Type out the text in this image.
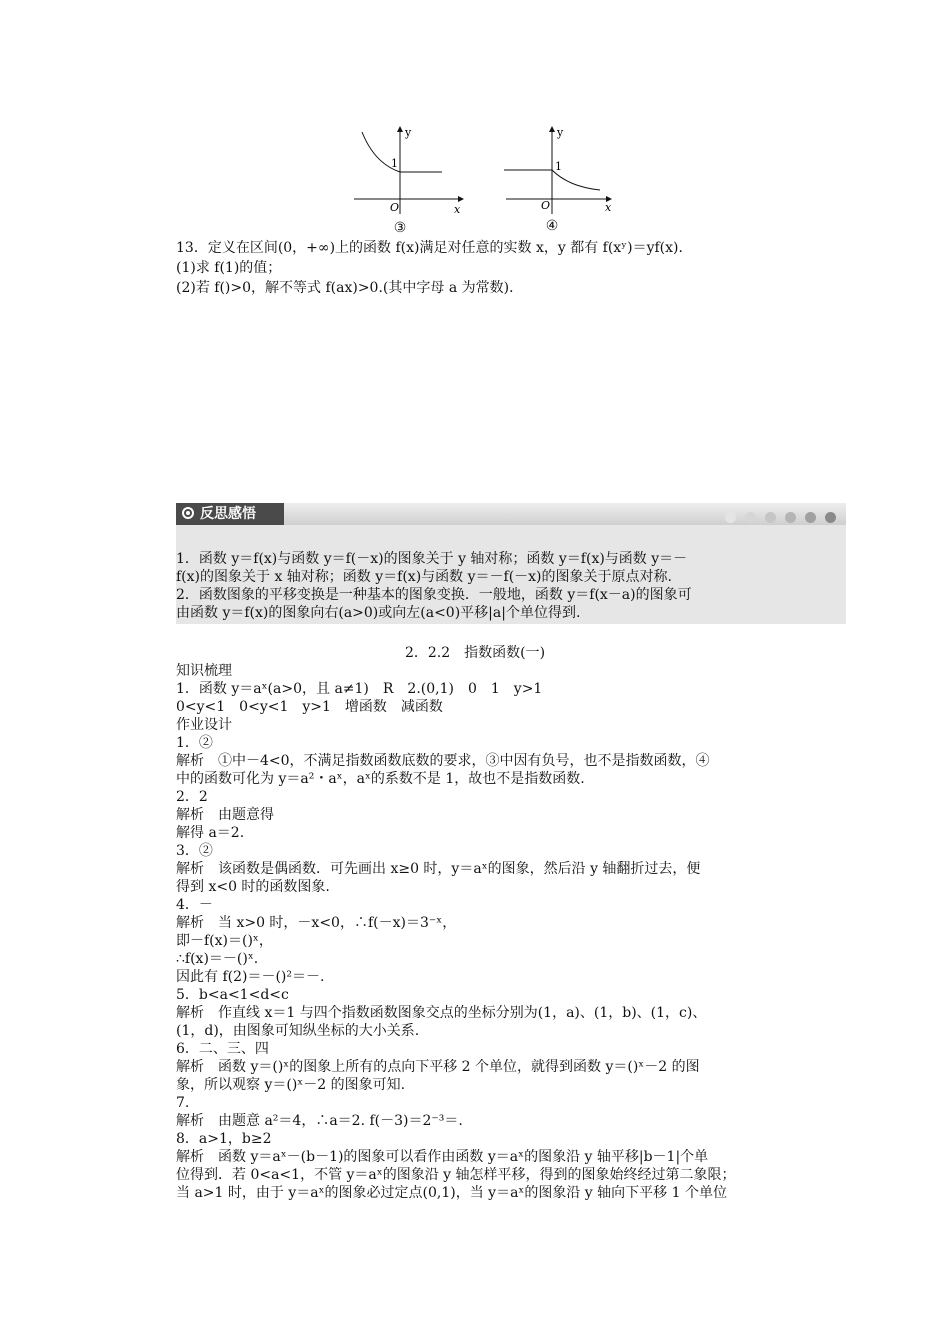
y
1
O	x
③
y
1
O	x
④
13．定义在区间(0，+∞)上的函数 f(x)满足对任意的实数 x，y 都有 f(xʸ)＝yf(x)．
(1)求 f(1)的值；
(2)若 f()>0，解不等式 f(ax)>0.(其中字母 a 为常数)．
反思感悟
1．函数 y＝f(x)与函数 y＝f(－x)的图象关于 y 轴对称；函数 y＝f(x)与函数 y＝－
f(x)的图象关于 x 轴对称；函数 y＝f(x)与函数 y＝－f(－x)的图象关于原点对称.
2．函数图象的平移变换是一种基本的图象变换．一般地，函数 y＝f(x－a)的图象可
由函数 y＝f(x)的图象向右(a>0)或向左(a<0)平移|a|个单位得到.
2．2.2　指数函数(一)
知识梳理
1．函数 y＝aˣ(a>0，且 a≠1)　R　2.(0,1)　0　1　y>1
0<y<1　0<y<1　y>1　增函数　减函数
作业设计
1．②
解析　①中－4<0，不满足指数函数底数的要求，③中因有负号，也不是指数函数，④
中的函数可化为 y＝a²・aˣ，aˣ的系数不是 1，故也不是指数函数.
2．2
解析　由题意得
解得 a＝2.
3．②
解析　该函数是偶函数．可先画出 x≥0 时，y＝aˣ的图象，然后沿 y 轴翻折过去，便
得到 x<0 时的函数图象.
4．－
解析　当 x>0 时，－x<0，∴f(－x)＝3⁻ˣ，
即－f(x)＝()ˣ，
∴f(x)＝－()ˣ.
因此有 f(2)＝－()²＝－.
5．b<a<1<d<c
解析　作直线 x＝1 与四个指数函数图象交点的坐标分别为(1，a)、(1，b)、(1，c)、
(1，d)，由图象可知纵坐标的大小关系.
6．二、三、四
解析　函数 y＝()ˣ的图象上所有的点向下平移 2 个单位，就得到函数 y＝()ˣ－2 的图
象，所以观察 y＝()ˣ－2 的图象可知.
7.
解析　由题意 a²＝4，∴a＝2. f(－3)＝2⁻³＝.
8．a>1，b≥2
解析　函数 y＝aˣ－(b－1)的图象可以看作由函数 y＝aˣ的图象沿 y 轴平移|b－1|个单
位得到．若 0<a<1，不管 y＝aˣ的图象沿 y 轴怎样平移，得到的图象始终经过第二象限；
当 a>1 时，由于 y＝aˣ的图象必过定点(0,1)，当 y＝aˣ的图象沿 y 轴向下平移 1 个单位
